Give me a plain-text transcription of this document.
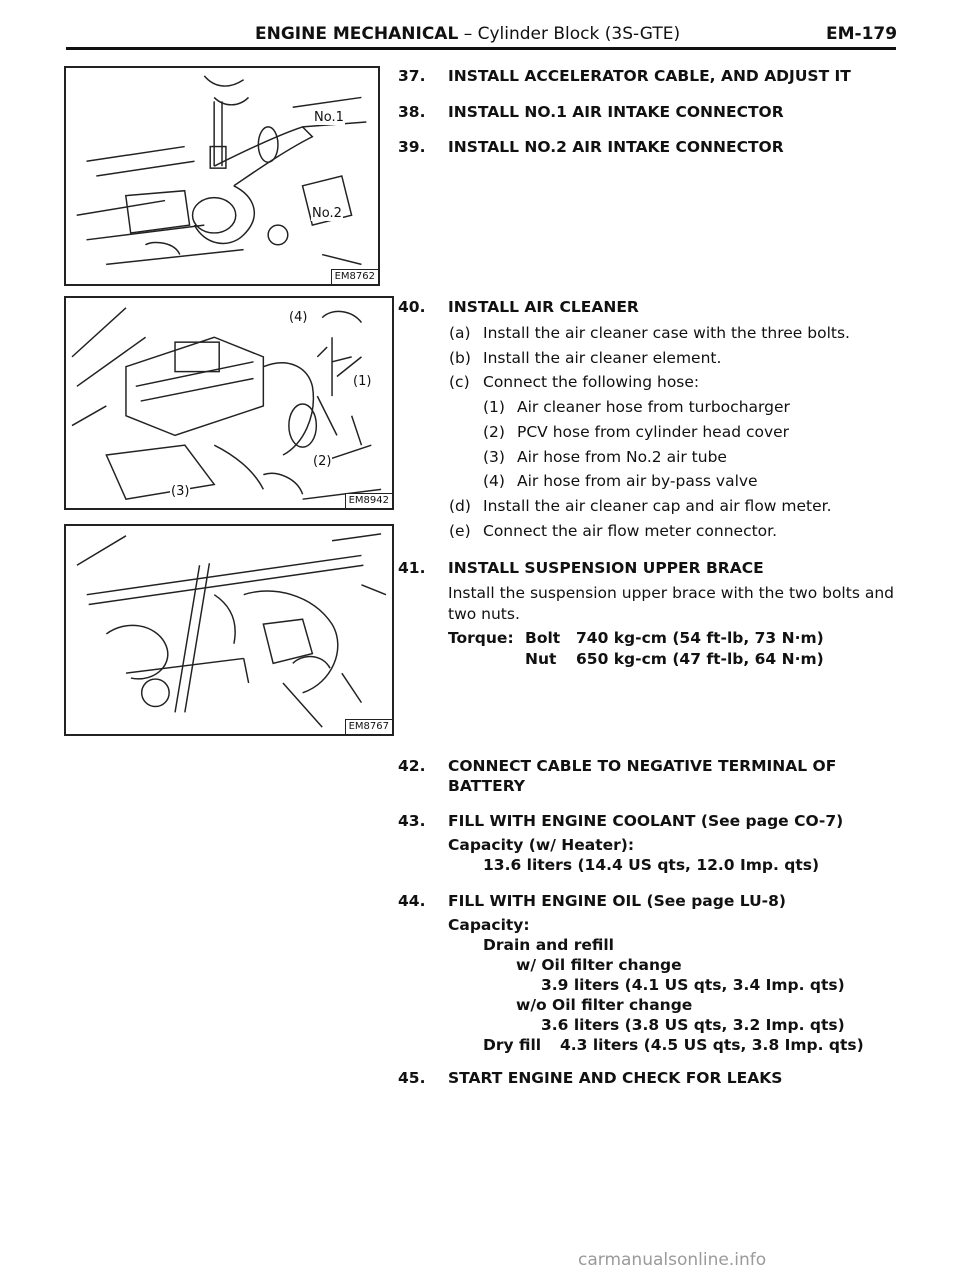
ENGINE MECHANICAL – Cylinder Block (3S-GTE)	EM-179
No.1
No.2
EM8762
(4)
(1)
(2)
(3)
EM8942
EM8767
37. INSTALL ACCELERATOR CABLE, AND ADJUST IT
38. INSTALL NO.1 AIR INTAKE CONNECTOR
39. INSTALL NO.2 AIR INTAKE CONNECTOR
40. INSTALL AIR CLEANER
(a) Install the air cleaner case with the three bolts.
(b) Install the air cleaner element.
(c) Connect the following hose:
(1) Air cleaner hose from turbocharger
(2) PCV hose from cylinder head cover
(3) Air hose from No.2 air tube
(4) Air hose from air by-pass valve
(d) Install the air cleaner cap and air flow meter.
(e) Connect the air flow meter connector.
41. INSTALL SUSPENSION UPPER BRACE
Install the suspension upper brace with the two bolts and
two nuts.
Torque: Bolt 740 kg-cm (54 ft-lb, 73 N·m)
Nut 650 kg-cm (47 ft-lb, 64 N·m)
42. CONNECT CABLE TO NEGATIVE TERMINAL OF
BATTERY
43. FILL WITH ENGINE COOLANT (See page CO-7)
Capacity (w/ Heater):
13.6 liters (14.4 US qts, 12.0 Imp. qts)
44. FILL WITH ENGINE OIL (See page LU-8)
Capacity:
Drain and refill
w/ Oil filter change
3.9 liters (4.1 US qts, 3.4 Imp. qts)
w/o Oil filter change
3.6 liters (3.8 US qts, 3.2 Imp. qts)
Dry fill 4.3 liters (4.5 US qts, 3.8 Imp. qts)
45. START ENGINE AND CHECK FOR LEAKS
carmanualsonline.info
